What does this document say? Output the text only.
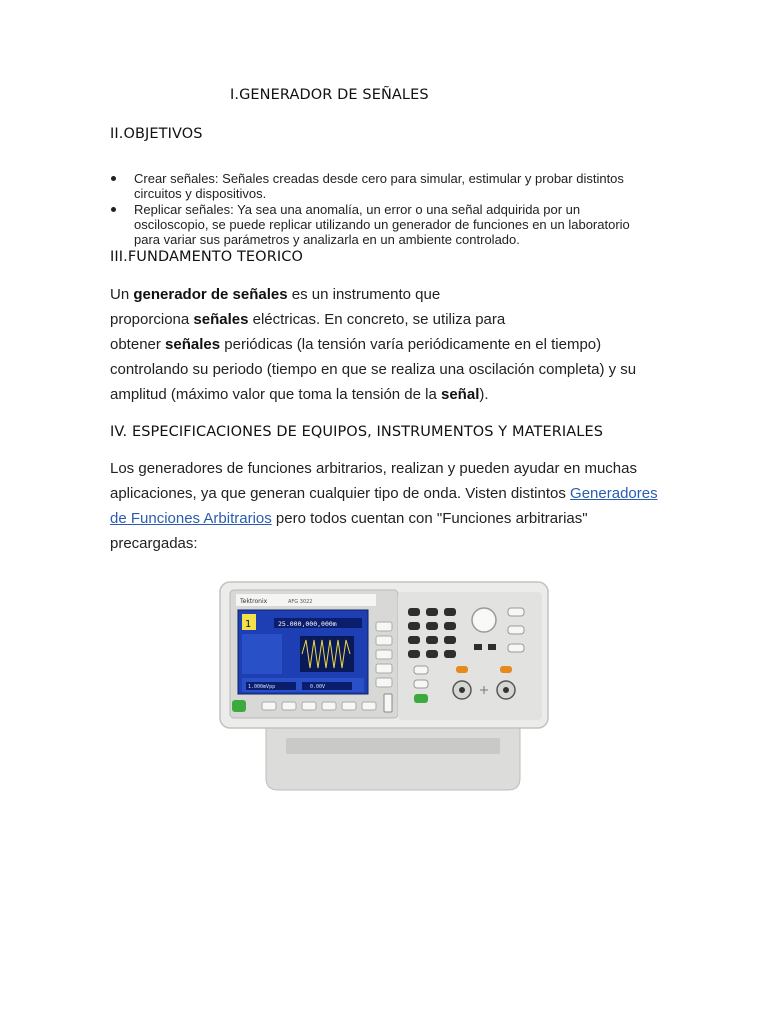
I.GENERADOR DE SEÑALES
II.OBJETIVOS
Crear señales: Señales creadas desde cero para simular, estimular y probar distintos
circuitos y dispositivos.
Replicar señales: Ya sea una anomalía, un error o una señal adquirida por un
osciloscopio, se puede replicar utilizando un generador de funciones en un laboratorio
para variar sus parámetros y analizarla en un ambiente controlado.
III.FUNDAMENTO TEORICO
Un generador de señales es un instrumento que
proporciona señales eléctricas. En concreto, se utiliza para
obtener señales periódicas (la tensión varía periódicamente en el tiempo)
controlando su periodo (tiempo en que se realiza una oscilación completa) y su
amplitud (máximo valor que toma la tensión de la señal).
IV. ESPECIFICACIONES DE EQUIPOS, INSTRUMENTOS Y MATERIALES
Los generadores de funciones arbitrarios, realizan y pueden ayudar en muchas
aplicaciones, ya que generan cualquier tipo de onda. Visten distintos Generadores
de Funciones Arbitrarios pero todos cuentan con "Funciones arbitrarias"
precargadas:
Tektronix	AFG 3022
1	25.000,000,000m
1.000mVpp	0.00V
